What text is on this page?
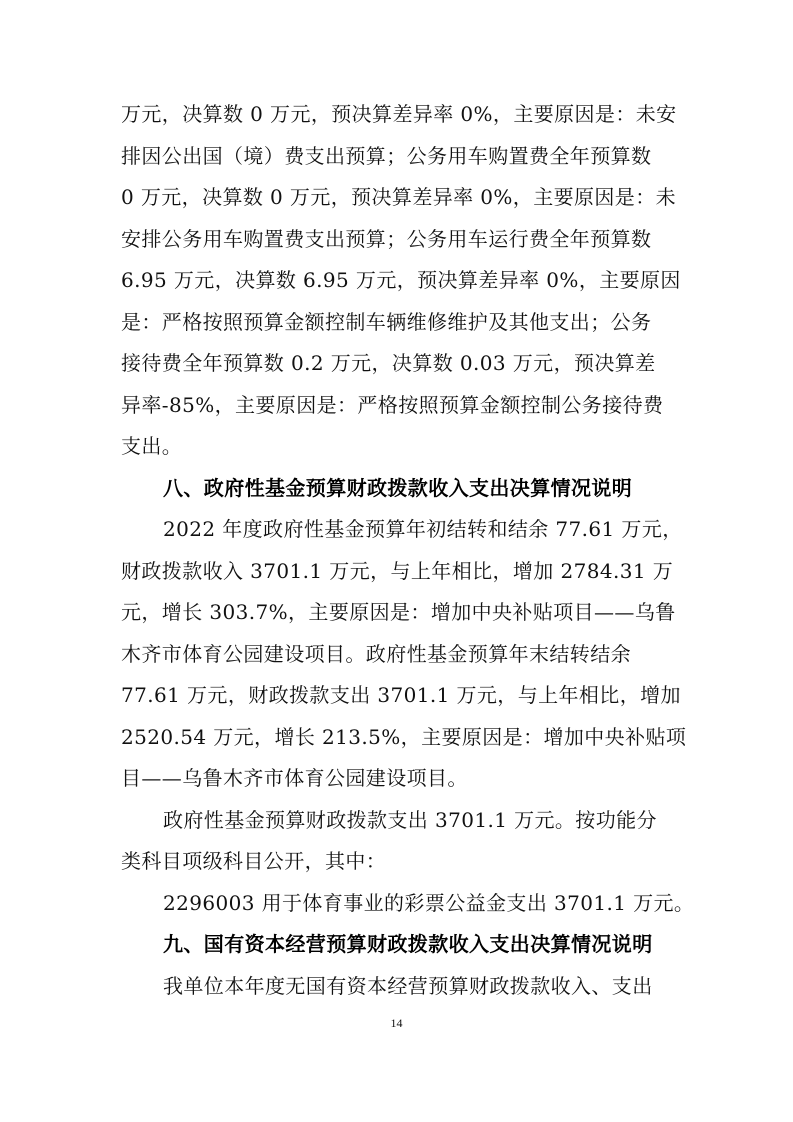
万元，决算数 0 万元，预决算差异率 0%，主要原因是：未安
排因公出国（境）费支出预算；公务用车购置费全年预算数
0 万元，决算数 0 万元，预决算差异率 0%，主要原因是：未
安排公务用车购置费支出预算；公务用车运行费全年预算数
6.95 万元，决算数 6.95 万元，预决算差异率 0%，主要原因
是：严格按照预算金额控制车辆维修维护及其他支出；公务
接待费全年预算数 0.2 万元，决算数 0.03 万元，预决算差
异率-85%，主要原因是：严格按照预算金额控制公务接待费
支出。
八、政府性基金预算财政拨款收入支出决算情况说明
2022 年度政府性基金预算年初结转和结余 77.61 万元，
财政拨款收入 3701.1 万元，与上年相比，增加 2784.31 万
元，增长 303.7%，主要原因是：增加中央补贴项目——乌鲁
木齐市体育公园建设项目。政府性基金预算年末结转结余
77.61 万元，财政拨款支出 3701.1 万元，与上年相比，增加
2520.54 万元，增长 213.5%，主要原因是：增加中央补贴项
目——乌鲁木齐市体育公园建设项目。
政府性基金预算财政拨款支出 3701.1 万元。按功能分
类科目项级科目公开，其中：
2296003 用于体育事业的彩票公益金支出 3701.1 万元。
九、国有资本经营预算财政拨款收入支出决算情况说明
我单位本年度无国有资本经营预算财政拨款收入、支出
14
